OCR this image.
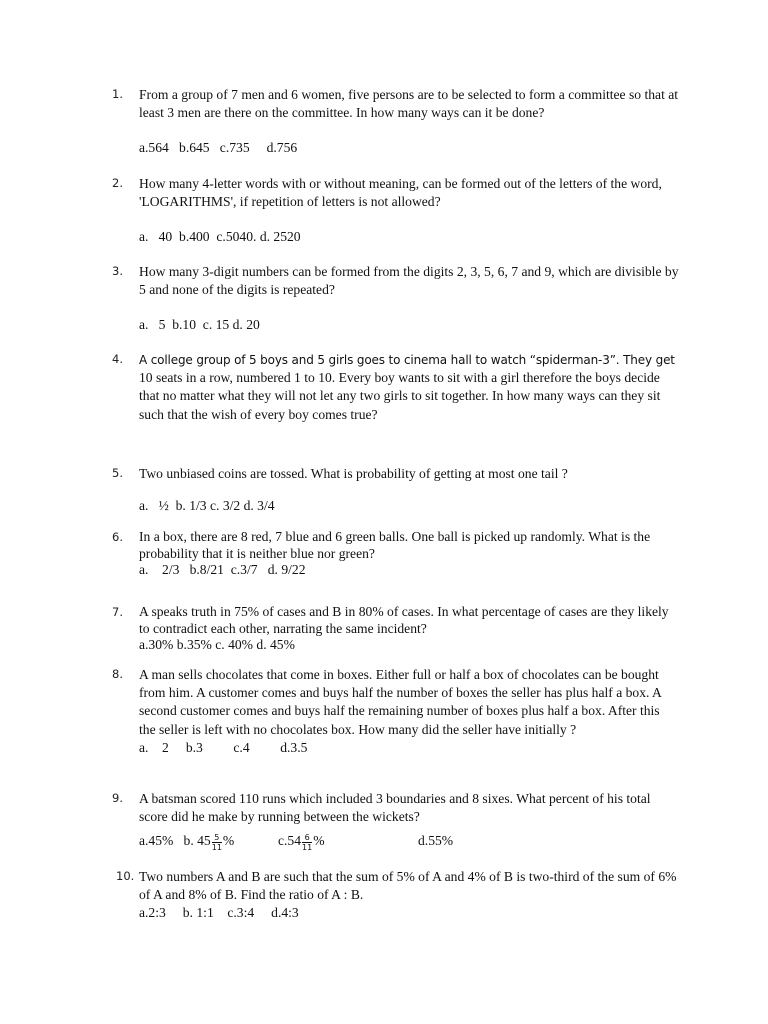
1. From a group of 7 men and 6 women, five persons are to be selected to form a committee so that at least 3 men are there on the committee. In how many ways can it be done?

a.564   b.645   c.735     d.756

2. How many 4-letter words with or without meaning, can be formed out of the letters of the word, 'LOGARITHMS', if repetition of letters is not allowed?

a.   40  b.400  c.5040. d. 2520

3. How many 3-digit numbers can be formed from the digits 2, 3, 5, 6, 7 and 9, which are divisible by 5 and none of the digits is repeated?

a.   5  b.10  c. 15 d. 20

4. A college group of 5 boys and 5 girls goes to cinema hall to watch “spiderman-3”. They get

10 seats in a row, numbered 1 to 10. Every boy wants to sit with a girl therefore the boys decide that no matter what they will not let any two girls to sit together. In how many ways can they sit such that the wish of every boy comes true?

5. Two unbiased coins are tossed. What is probability of getting at most one tail ?

a.   ½  b. 1/3 c. 3/2 d. 3/4

6. In a box, there are 8 red, 7 blue and 6 green balls. One ball is picked up randomly. What is the probability that it is neither blue nor green?

a.    2/3   b.8/21  c.3/7   d. 9/22

7. A speaks truth in 75% of cases and B in 80% of cases. In what percentage of cases are they likely to contradict each other, narrating the same incident?

a.30% b.35% c. 40% d. 45%

8. A man sells chocolates that come in boxes. Either full or half a box of chocolates can be bought from him. A customer comes and buys half the number of boxes the seller has plus half a box. A second customer comes and buys half the remaining number of boxes plus half a box. After this the seller is left with no chocolates box. How many did the seller have initially ?

a.    2     b.3         c.4         d.3.5

9. A batsman scored 110 runs which included 3 boundaries and 8 sixes. What percent of his total score did he make by running between the wickets?

a.45%   b. $45 \frac{5}{11}$ %	$c.54 \frac{6}{11}$ %	d.55%
10. Two numbers A and B are such that the sum of 5% of A and 4% of B is two-third of the sum of 6% of A and 8% of B. Find the ratio of A : B.

a.2:3     b. 1:1    c.3:4     d.4:3
